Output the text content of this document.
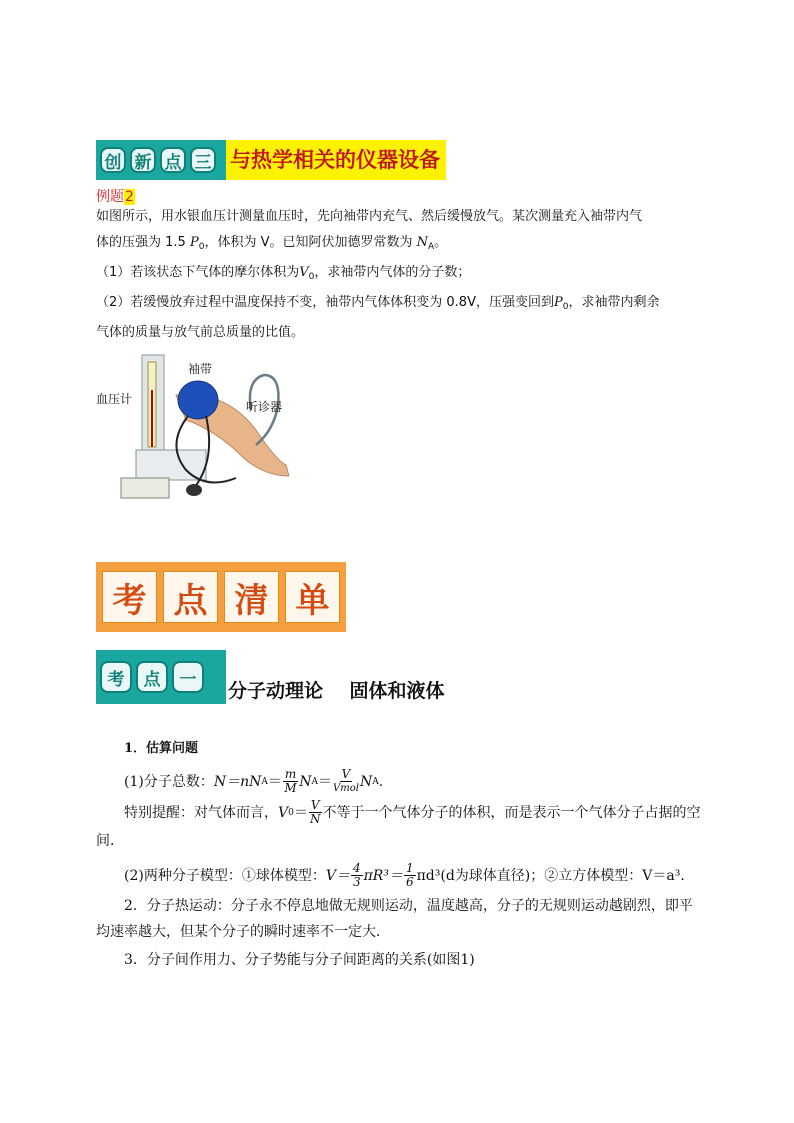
创 新 点 三 与热学相关的仪器设备
例题2
如图所示，用水银血压计测量血压时，先向袖带内充气、然后缓慢放气。某次测量充入袖带内气
体的压强为 1.5 $P_0$，体积为 V。已知阿伏加德罗常数为 $N_A$。
（1）若该状态下气体的摩尔体积为$V_0$，求袖带内气体的分子数；
（2）若缓慢放弃过程中温度保持不变，袖带内气体体积变为 0.8V，压强变回到$P_0$，求袖带内剩余
气体的质量与放气前总质量的比值。
血压计
袖带
听诊器
考 点 清 单
考	点	一
分子动理论    固体和液体
1．估算问题
(1)分子总数： N＝nN $A = \frac{m}{M}$ N $A = \frac{V}{\text{Vmol}}$ N A .
特别提醒：对气体而言， V $0 = \frac{V}{N}$ 不等于一个气体分子的体积，而是表示一个气体分子占据的空
间．
(2)两种分子模型：①球体模型： $V= \frac{4}{3} \pi R^3= \frac{1}{6} \pi d^3(d$为球体直径)；②立方体模型：V＝a³.
2．分子热运动：分子永不停息地做无规则运动，温度越高，分子的无规则运动越剧烈，即平
均速率越大，但某个分子的瞬时速率不一定大．
3．分子间作用力、分子势能与分子间距离的关系(如图1)
